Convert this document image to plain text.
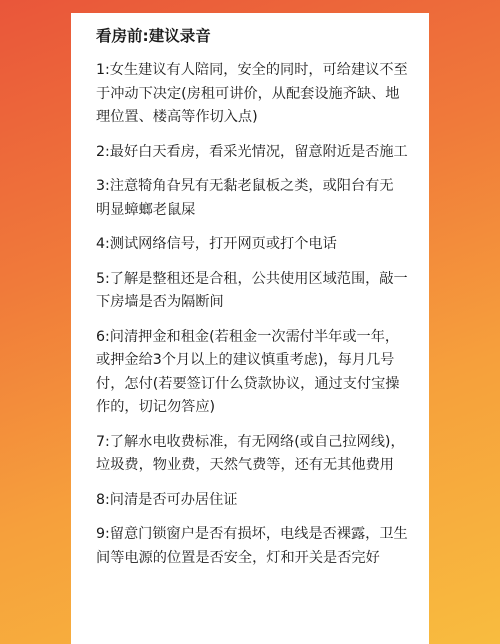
看房前:建议录音
1:女生建议有人陪同，安全的同时，可给建议不至
于冲动下决定(房租可讲价，从配套设施齐缺、地
理位置、楼高等作切入点)
2:最好白天看房，看采光情况，留意附近是否施工
3:注意犄角旮旯有无黏老鼠板之类，或阳台有无
明显蟑螂老鼠屎
4:测试网络信号，打开网页或打个电话
5:了解是整租还是合租，公共使用区域范围，敲一
下房墙是否为隔断间
6:问清押金和租金(若租金一次需付半年或一年，
或押金给3个月以上的建议慎重考虑)，每月几号
付，怎付(若要签订什么贷款协议，通过支付宝操
作的，切记勿答应)
7:了解水电收费标准，有无网络(或自己拉网线)，
垃圾费，物业费，天然气费等，还有无其他费用
8:问清是否可办居住证
9:留意门锁窗户是否有损坏，电线是否裸露，卫生
间等电源的位置是否安全，灯和开关是否完好
